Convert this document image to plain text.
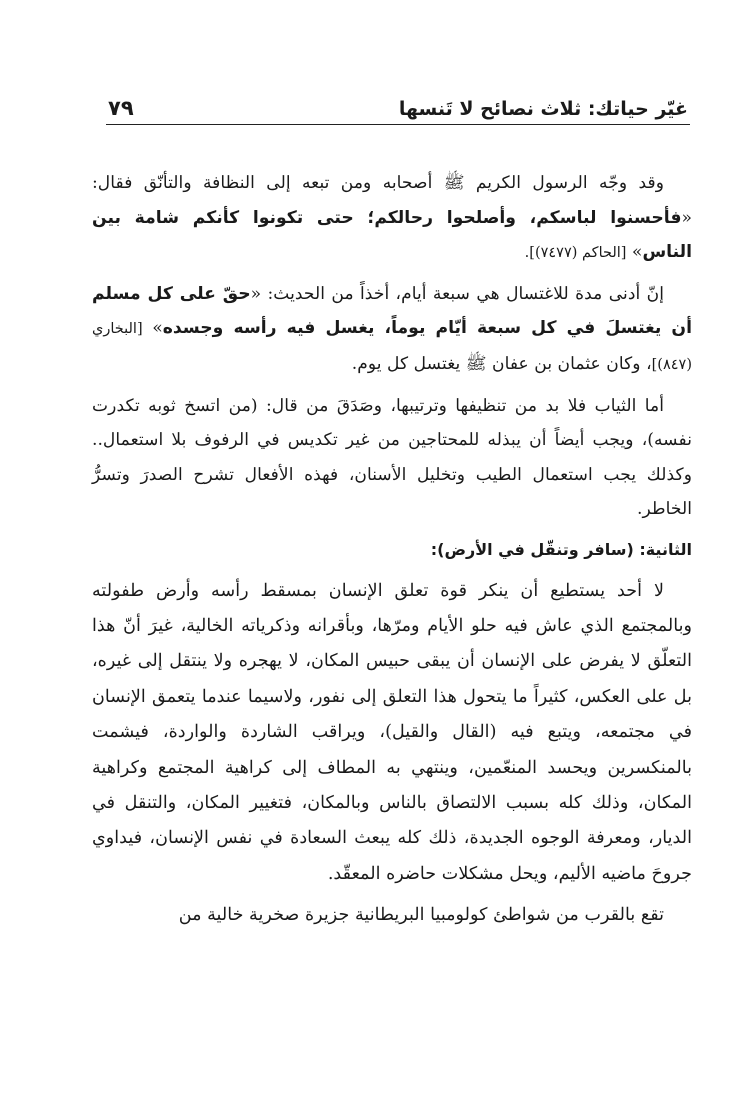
غيّر حياتك: ثلاث نصائح لا تَنسها
٧٩

وقد وجّه الرسول الكريم ﷺ أصحابه ومن تبعه إلى النظافة والتأنّق فقال: «فأحسنوا لباسكم، وأصلحوا رحالكم؛ حتى تكونوا كأنكم شامة بين الناس» [الحاكم (٧٤٧٧)].

إنّ أدنى مدة للاغتسال هي سبعة أيام، أخذاً من الحديث: «حقّ على كل مسلم أن يغتسلَ في كل سبعة أيّام يوماً، يغسل فيه رأسه وجسده» [البخاري (٨٤٧)]، وكان عثمان بن عفان ﷺ يغتسل كل يوم.

أما الثياب فلا بد من تنظيفها وترتيبها، وصَدَقَ من قال: (من اتسخ ثوبه تكدرت نفسه)، ويجب أيضاً أن يبذله للمحتاجين من غير تكديس في الرفوف بلا استعمال.. وكذلك يجب استعمال الطيب وتخليل الأسنان، فهذه الأفعال تشرح الصدرَ وتسرُّ الخاطر.

الثانية: (سافر وتنقّل في الأرض):

لا أحد يستطيع أن ينكر قوة تعلق الإنسان بمسقط رأسه وأرض طفولته وبالمجتمع الذي عاش فيه حلو الأيام ومرّها، وبأقرانه وذكرياته الخالية، غيرَ أنّ هذا التعلّق لا يفرض على الإنسان أن يبقى حبيس المكان، لا يهجره ولا ينتقل إلى غيره، بل على العكس، كثيراً ما يتحول هذا التعلق إلى نفور، ولاسيما عندما يتعمق الإنسان في مجتمعه، ويتبع فيه (القال والقيل)، ويراقب الشاردة والواردة، فيشمت بالمنكسرين ويحسد المنعّمين، وينتهي به المطاف إلى كراهية المجتمع وكراهية المكان، وذلك كله بسبب الالتصاق بالناس وبالمكان، فتغيير المكان، والتنقل في الديار، ومعرفة الوجوه الجديدة، ذلك كله يبعث السعادة في نفس الإنسان، فيداوي جروحَ ماضيه الأليم، ويحل مشكلات حاضره المعقّد.

تقع بالقرب من شواطئ كولومبيا البريطانية جزيرة صخرية خالية من
